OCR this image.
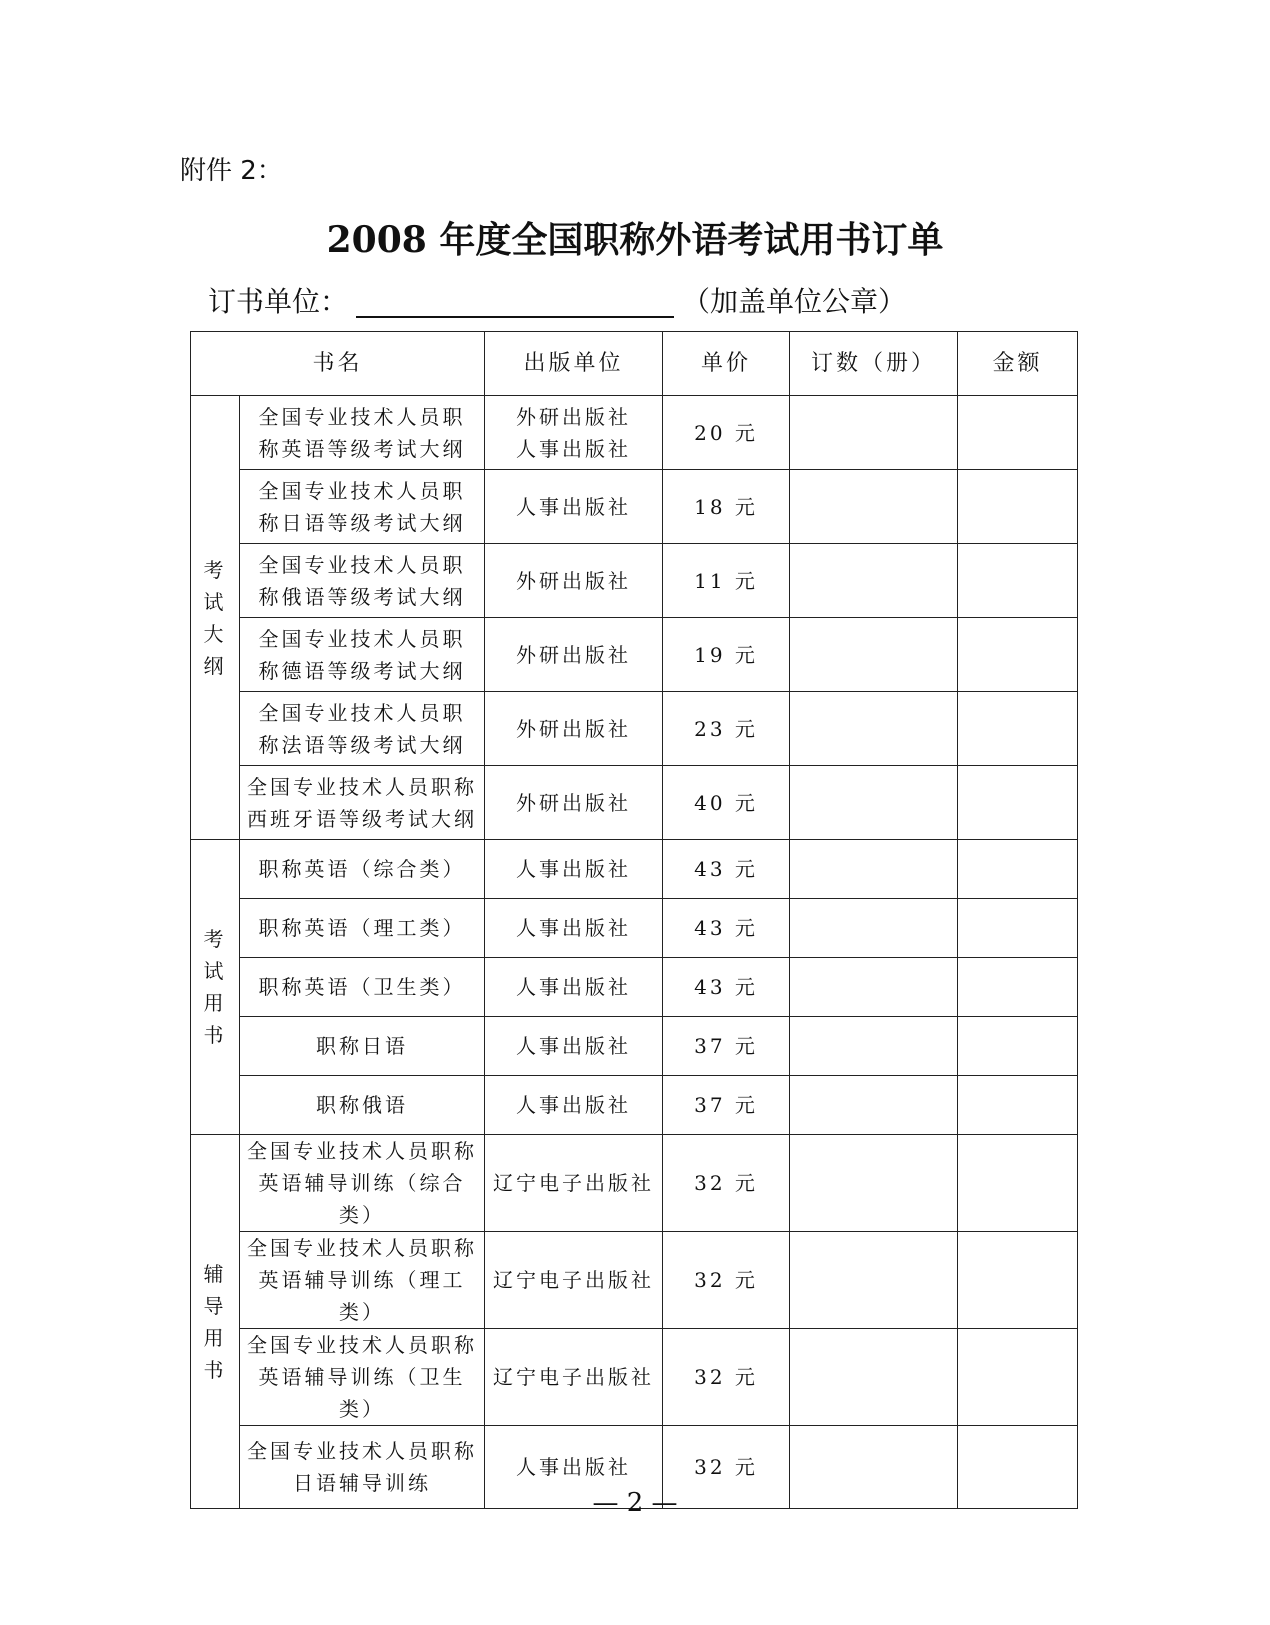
附件 2：
2008 年度全国职称外语考试用书订单
订书单位：	（加盖单位公章）
书名		出版单位	单价	订数（册）	金额

考
试
大
纲	全国专业技术人员职
称英语等级考试大纲	外研出版社
人事出版社	20 元		
	全国专业技术人员职
称日语等级考试大纲	人事出版社	18 元		
	全国专业技术人员职
称俄语等级考试大纲	外研出版社	11 元		
	全国专业技术人员职
称德语等级考试大纲	外研出版社	19 元		
	全国专业技术人员职
称法语等级考试大纲	外研出版社	23 元		
	全国专业技术人员职称
西班牙语等级考试大纲	外研出版社	40 元		

考
试
用
书	职称英语（综合类）	人事出版社	43 元		
	职称英语（理工类）	人事出版社	43 元		
	职称英语（卫生类）	人事出版社	43 元		
	职称日语	人事出版社	37 元		
	职称俄语	人事出版社	37 元		

辅
导
用
书	全国专业技术人员职称
英语辅导训练（综合类）	辽宁电子出版社	32 元		
	全国专业技术人员职称
英语辅导训练（理工类）	辽宁电子出版社	32 元		
	全国专业技术人员职称
英语辅导训练（卫生类）	辽宁电子出版社	32 元		
	全国专业技术人员职称
日语辅导训练	人事出版社	32 元		
— 2 —
